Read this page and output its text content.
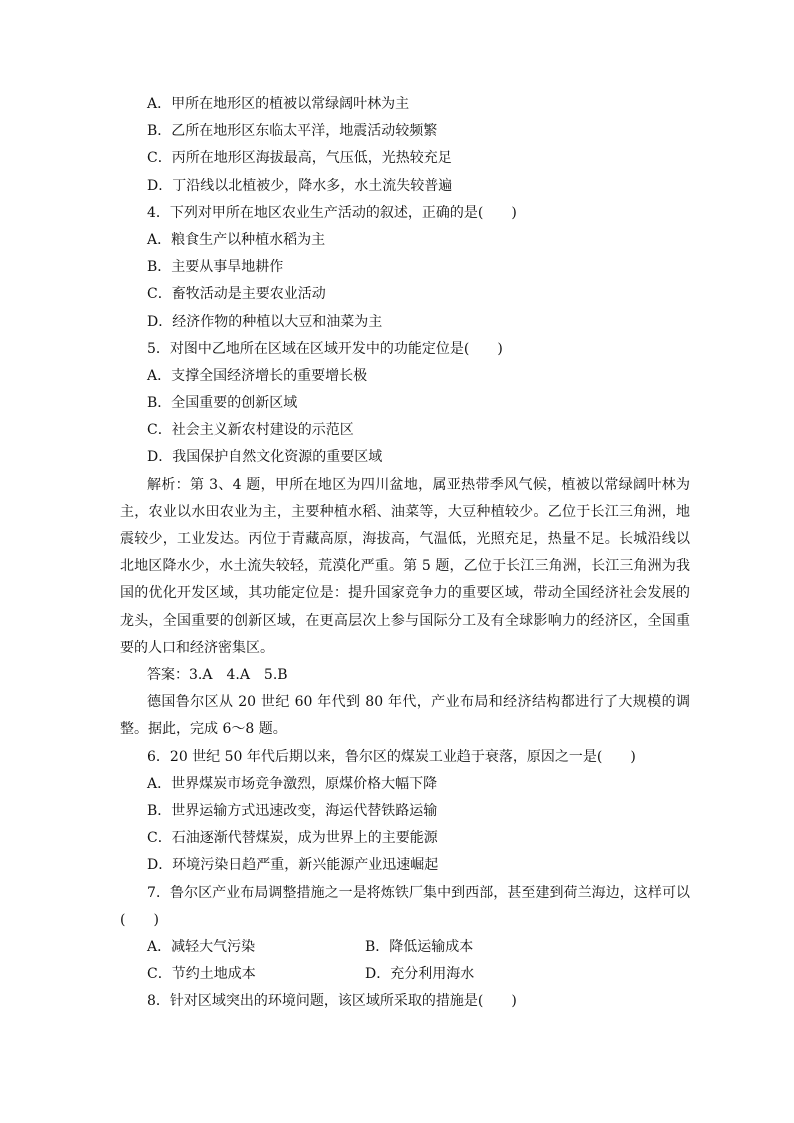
A．甲所在地形区的植被以常绿阔叶林为主
B．乙所在地形区东临太平洋，地震活动较频繁
C．丙所在地形区海拔最高，气压低，光热较充足
D．丁沿线以北植被少，降水多，水土流失较普遍
4．下列对甲所在地区农业生产活动的叙述，正确的是(　　)
A．粮食生产以种植水稻为主
B．主要从事旱地耕作
C．畜牧活动是主要农业活动
D．经济作物的种植以大豆和油菜为主
5．对图中乙地所在区域在区域开发中的功能定位是(　　)
A．支撑全国经济增长的重要增长极
B．全国重要的创新区域
C．社会主义新农村建设的示范区
D．我国保护自然文化资源的重要区域
解析：第 3、4 题，甲所在地区为四川盆地，属亚热带季风气候，植被以常绿阔叶林为主，农业以水田农业为主，主要种植水稻、油菜等，大豆种植较少。乙位于长江三角洲，地震较少，工业发达。丙位于青藏高原，海拔高，气温低，光照充足，热量不足。长城沿线以北地区降水少，水土流失较轻，荒漠化严重。第 5 题，乙位于长江三角洲，长江三角洲为我国的优化开发区域，其功能定位是：提升国家竞争力的重要区域，带动全国经济社会发展的龙头，全国重要的创新区域，在更高层次上参与国际分工及有全球影响力的经济区，全国重要的人口和经济密集区。
答案：3.A　4.A　5.B
德国鲁尔区从 20 世纪 60 年代到 80 年代，产业布局和经济结构都进行了大规模的调整。据此，完成 6～8 题。
6．20 世纪 50 年代后期以来，鲁尔区的煤炭工业趋于衰落，原因之一是(　　)
A．世界煤炭市场竞争激烈，原煤价格大幅下降
B．世界运输方式迅速改变，海运代替铁路运输
C．石油逐渐代替煤炭，成为世界上的主要能源
D．环境污染日趋严重，新兴能源产业迅速崛起
7．鲁尔区产业布局调整措施之一是将炼铁厂集中到西部，甚至建到荷兰海边，这样可以(　　)
A．减轻大气污染	B．降低运输成本
C．节约土地成本	D．充分利用海水
8．针对区域突出的环境问题，该区域所采取的措施是(　　)
